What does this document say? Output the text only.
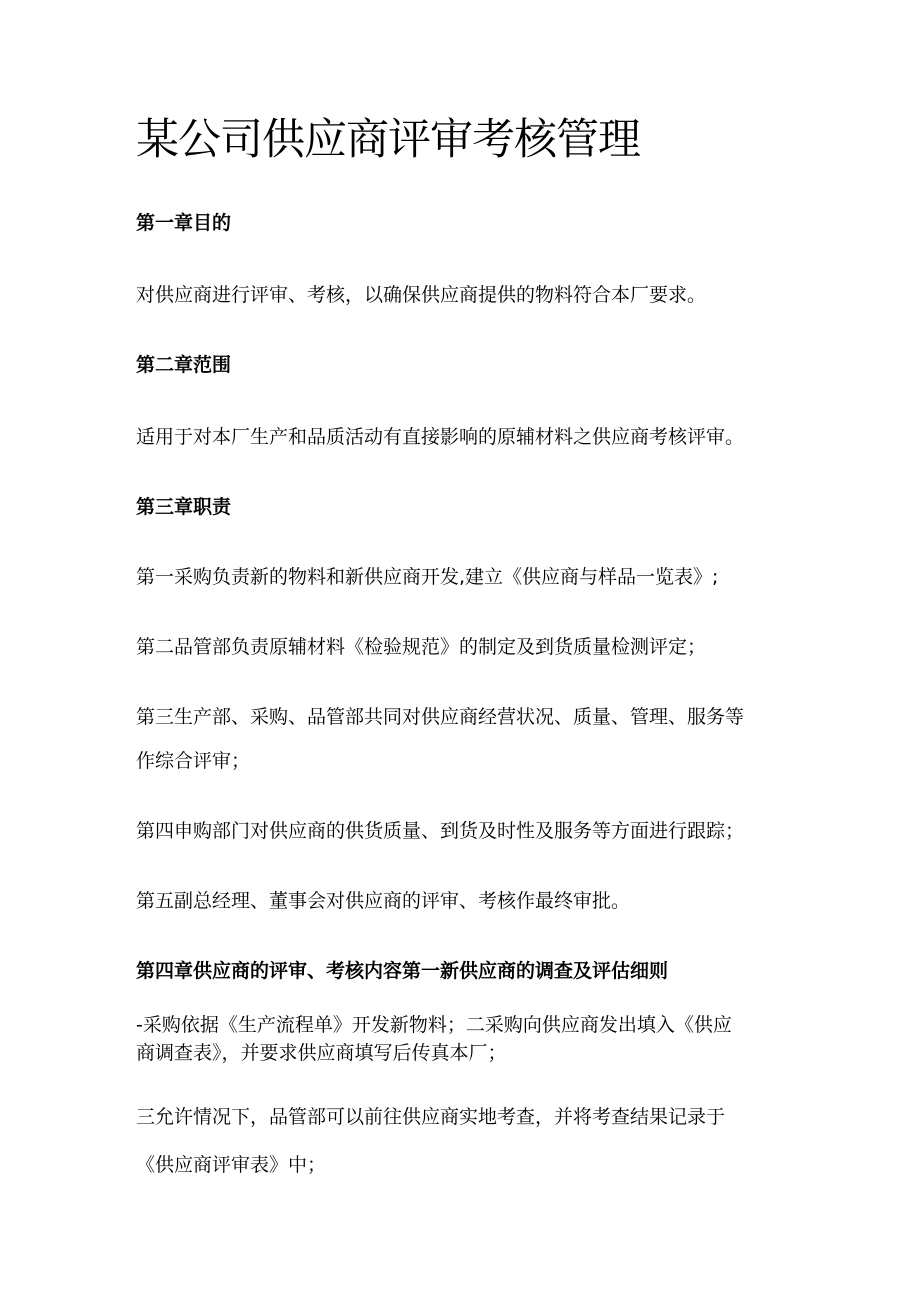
某公司供应商评审考核管理
第一章目的

对供应商进行评审、考核，以确保供应商提供的物料符合本厂要求。

第二章范围

适用于对本厂生产和品质活动有直接影响的原辅材料之供应商考核评审。

第三章职责

第一采购负责新的物料和新供应商开发,建立《供应商与样品一览表》;

第二品管部负责原辅材料《检验规范》的制定及到货质量检测评定；

第三生产部、采购、品管部共同对供应商经营状况、质量、管理、服务等

作综合评审；

第四申购部门对供应商的供货质量、到货及时性及服务等方面进行跟踪；

第五副总经理、董事会对供应商的评审、考核作最终审批。

第四章供应商的评审、考核内容第一新供应商的调查及评估细则

-采购依据《生产流程单》开发新物料；二采购向供应商发出填入《供应

商调查表》，并要求供应商填写后传真本厂；

三允许情况下，品管部可以前往供应商实地考查，并将考查结果记录于

《供应商评审表》中；
